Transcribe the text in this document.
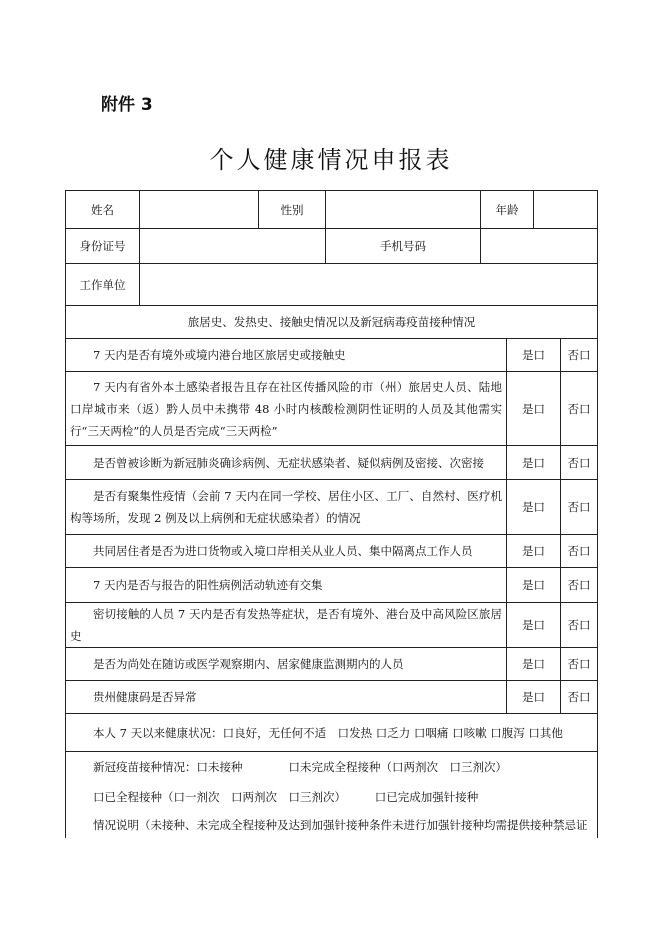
附件 3
个人健康情况申报表
姓名		性别		年龄			
身份证号			手机号码				
工作单位							
旅居史、发热史、接触史情况以及新冠病毒疫苗接种情况							
7 天内是否有境外或境内港台地区旅居史或接触史					是口		否口
7 天内有省外本土感染者报告且存在社区传播风险的市（州）旅居史人员、陆地口岸城市来（返）黔人员中未携带 48 小时内核酸检测阴性证明的人员及其他需实行“三天两检”的人员是否完成“三天两检”					是口		否口
是否曾被诊断为新冠肺炎确诊病例、无症状感染者、疑似病例及密接、次密接					是口		否口
是否有聚集性疫情（会前 7 天内在同一学校、居住小区、工厂、自然村、医疗机构等场所，发现 2 例及以上病例和无症状感染者）的情况					是口		否口
共同居住者是否为进口货物或入境口岸相关从业人员、集中隔离点工作人员					是口		否口
7 天内是否与报告的阳性病例活动轨迹有交集					是口		否口
密切接触的人员 7 天内是否有发热等症状，是否有境外、港台及中高风险区旅居史					是口		否口
是否为尚处在随访或医学观察期内、居家健康监测期内的人员					是口		否口
贵州健康码是否异常					是口		否口
本人 7 天以来健康状况：口良好，无任何不适　口发热 口乏力 口咽痛 口咳嗽 口腹泻 口其他							
新冠疫苗接种情况：口未接种　　　　口未完成全程接种（口两剂次　口三剂次）							
口已全程接种（口一剂次　口两剂次　口三剂次）　　　口已完成加强针接种							
情况说明（未接种、未完成全程接种及达到加强针接种条件未进行加强针接种均需提供接种禁忌证							
